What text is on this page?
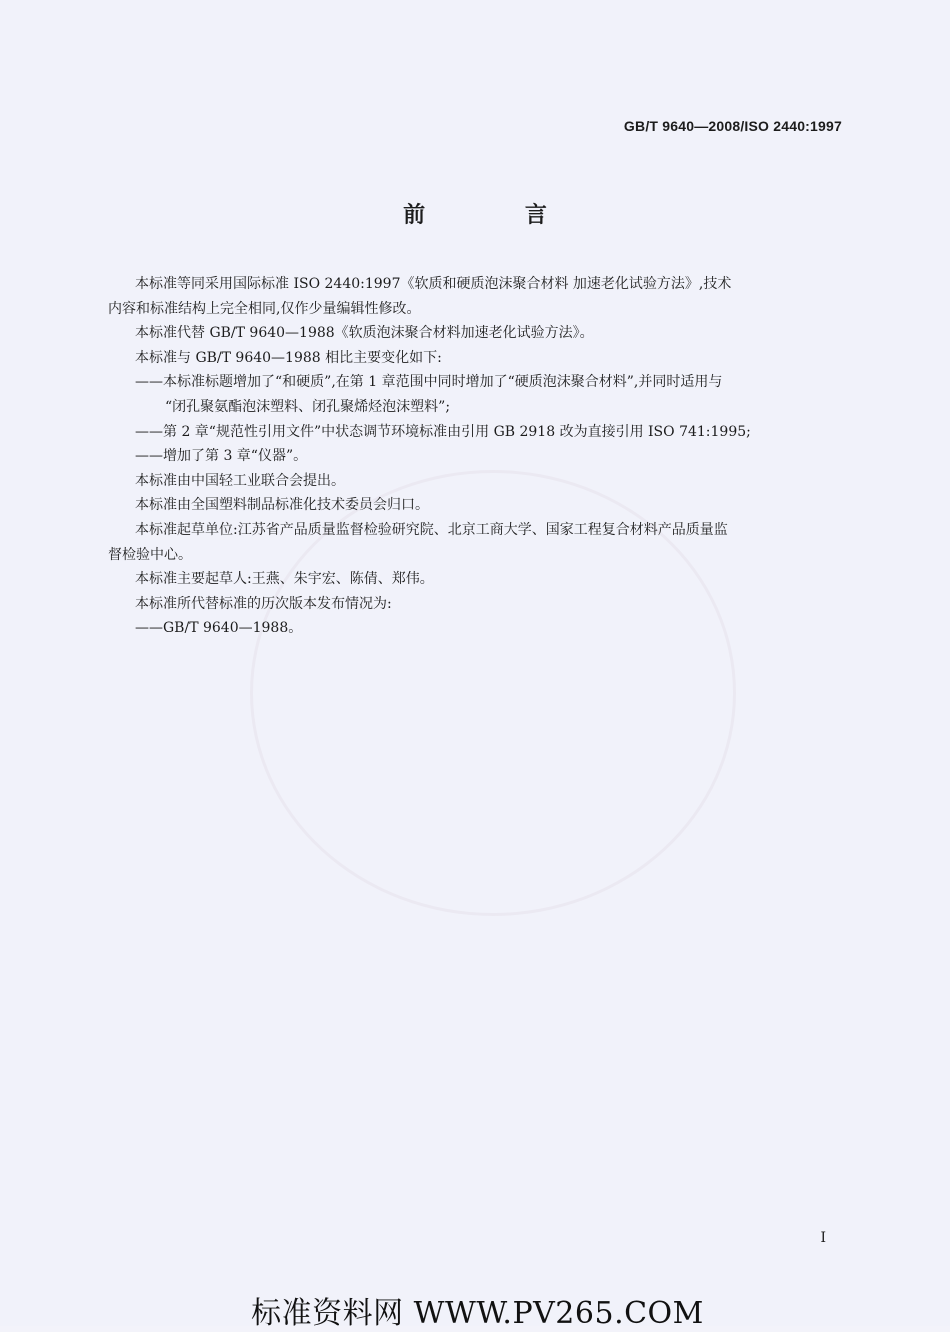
GB/T 9640—2008/ISO 2440:1997
前 言

本标准等同采用国际标准 ISO 2440:1997《软质和硬质泡沫聚合材料 加速老化试验方法》,技术

内容和标准结构上完全相同,仅作少量编辑性修改。

本标准代替 GB/T 9640—1988《软质泡沫聚合材料加速老化试验方法》。

本标准与 GB/T 9640—1988 相比主要变化如下:

——本标准标题增加了“和硬质”,在第 1 章范围中同时增加了“硬质泡沫聚合材料”,并同时适用与

“闭孔聚氨酯泡沫塑料、闭孔聚烯烃泡沫塑料”;

——第 2 章“规范性引用文件”中状态调节环境标准由引用 GB 2918 改为直接引用 ISO 741:1995;

——增加了第 3 章“仪器”。

本标准由中国轻工业联合会提出。

本标准由全国塑料制品标准化技术委员会归口。

本标准起草单位:江苏省产品质量监督检验研究院、北京工商大学、国家工程复合材料产品质量监

督检验中心。

本标准主要起草人:王燕、朱宇宏、陈倩、郑伟。

本标准所代替标准的历次版本发布情况为:

——GB/T 9640—1988。

I
标准资料网 WWW.PV265.COM
